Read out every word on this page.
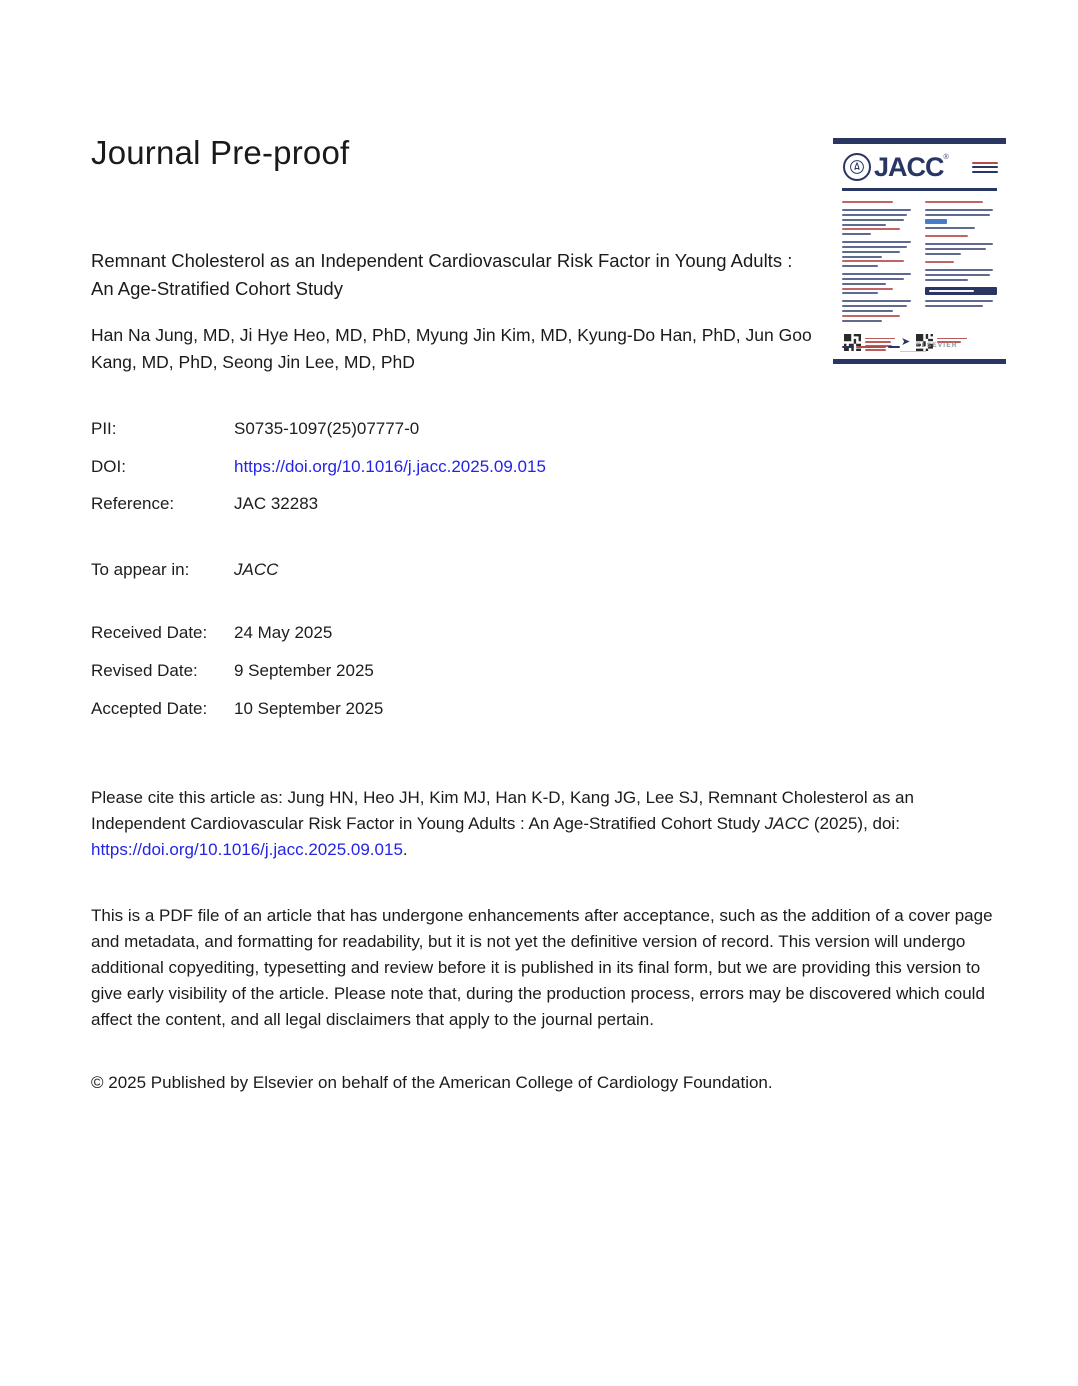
Journal Pre-proof	JACC®
➤ ELSEVIER
Remnant Cholesterol as an Independent Cardiovascular Risk Factor in Young Adults : An Age-Stratified Cohort Study
Han Na Jung, MD, Ji Hye Heo, MD, PhD, Myung Jin Kim, MD, Kyung-Do Han, PhD, Jun Goo Kang, MD, PhD, Seong Jin Lee, MD, PhD
PII:	S0735-1097(25)07777-0
DOI:	https://doi.org/10.1016/j.jacc.2025.09.015
Reference:	JAC 32283
To appear in:	JACC
Received Date: 24 May 2025
Revised Date: 9 September 2025
Accepted Date: 10 September 2025
Please cite this article as: Jung HN, Heo JH, Kim MJ, Han K-D, Kang JG, Lee SJ, Remnant Cholesterol as an Independent Cardiovascular Risk Factor in Young Adults : An Age-Stratified Cohort Study JACC (2025), doi: https://doi.org/10.1016/j.jacc.2025.09.015.
This is a PDF file of an article that has undergone enhancements after acceptance, such as the addition of a cover page and metadata, and formatting for readability, but it is not yet the definitive version of record. This version will undergo additional copyediting, typesetting and review before it is published in its final form, but we are providing this version to give early visibility of the article. Please note that, during the production process, errors may be discovered which could affect the content, and all legal disclaimers that apply to the journal pertain.
© 2025 Published by Elsevier on behalf of the American College of Cardiology Foundation.
